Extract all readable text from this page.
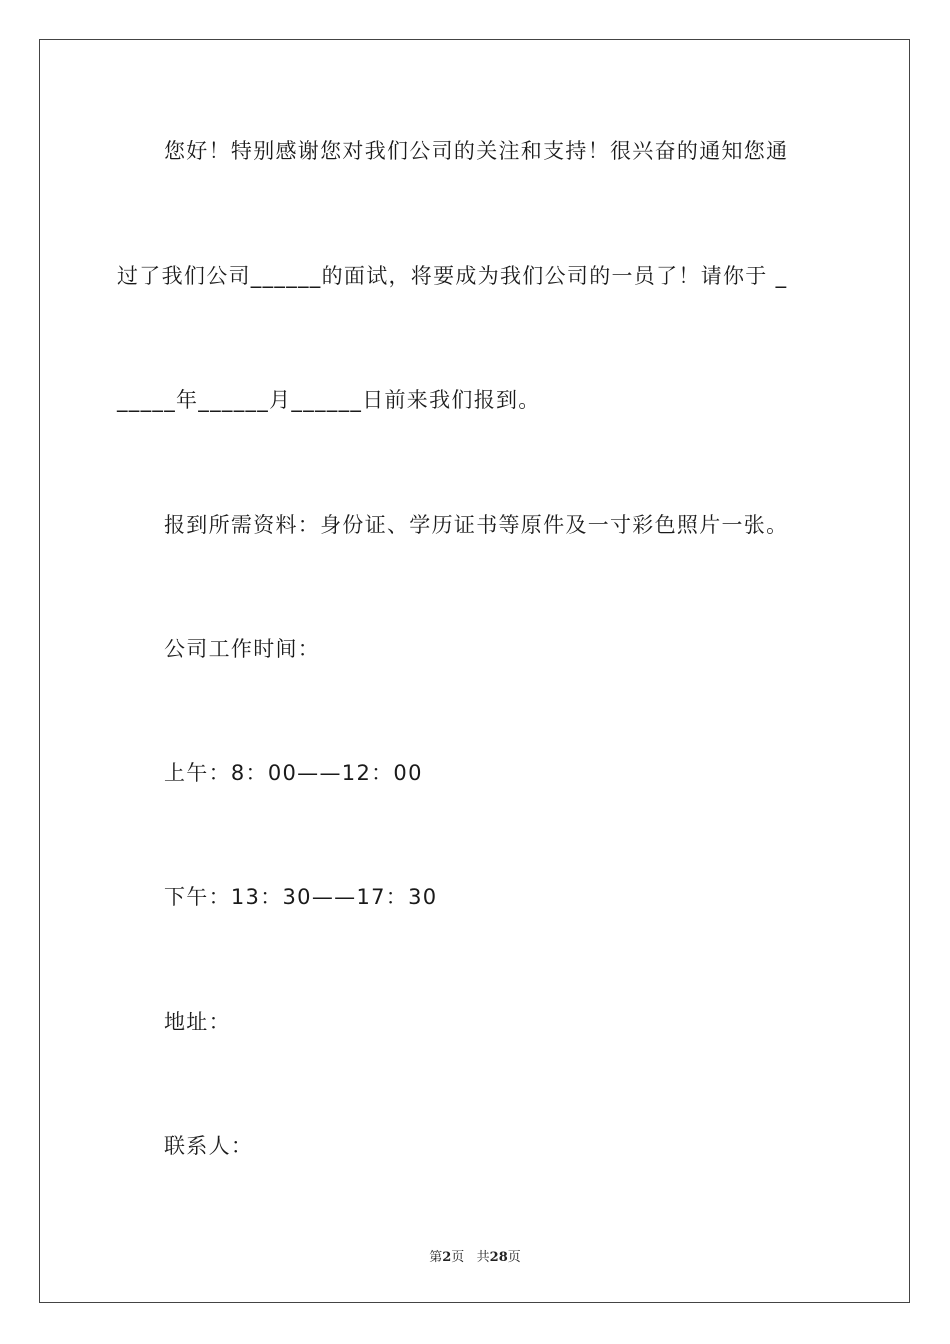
您好！特别感谢您对我们公司的关注和支持！很兴奋的通知您通
过了我们公司______的面试，将要成为我们公司的一员了！请你于 _
_____年______月______日前来我们报到。
报到所需资料：身份证、学历证书等原件及一寸彩色照片一张。
公司工作时间：
上午：8：00——12：00
下午：13：30——17：30
地址：
联系人：
第2页   共28页
